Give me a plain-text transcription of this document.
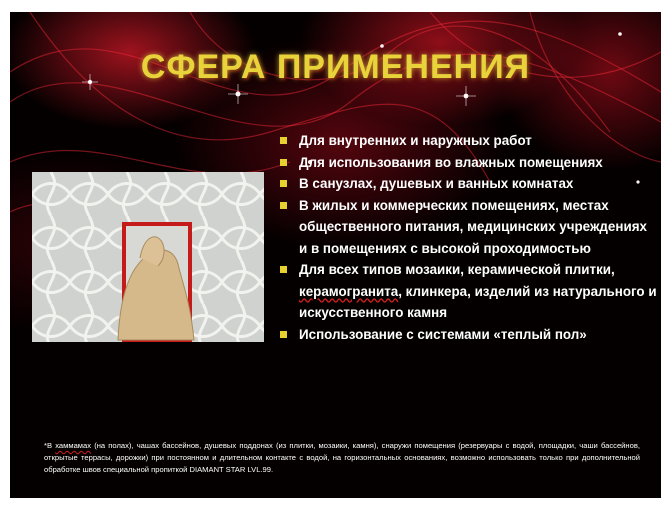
СФЕРА ПРИМЕНЕНИЯ
Для внутренних и наружных работ
Для использования во влажных помещениях
В санузлах, душевых и ванных комнатах
В жилых и коммерческих помещениях, местах общественного питания, медицинских учреждениях и в помещениях с высокой проходимостью
Для всех типов мозаики, керамической плитки, керамогранита, клинкера, изделий из натурального и искусственного камня
Использование с системами «теплый пол»
*В хаммамах (на полах), чашах бассейнов, душевых поддонах (из плитки, мозаики, камня), снаружи помещения (резервуары с водой, площадки, чаши бассейнов, открытые террасы, дорожки) при постоянном и длительном контакте с водой, на горизонтальных основаниях, возможно использовать только при дополнительной обработке швов специальной пропиткой DIAMANT STAR LVL.99.
